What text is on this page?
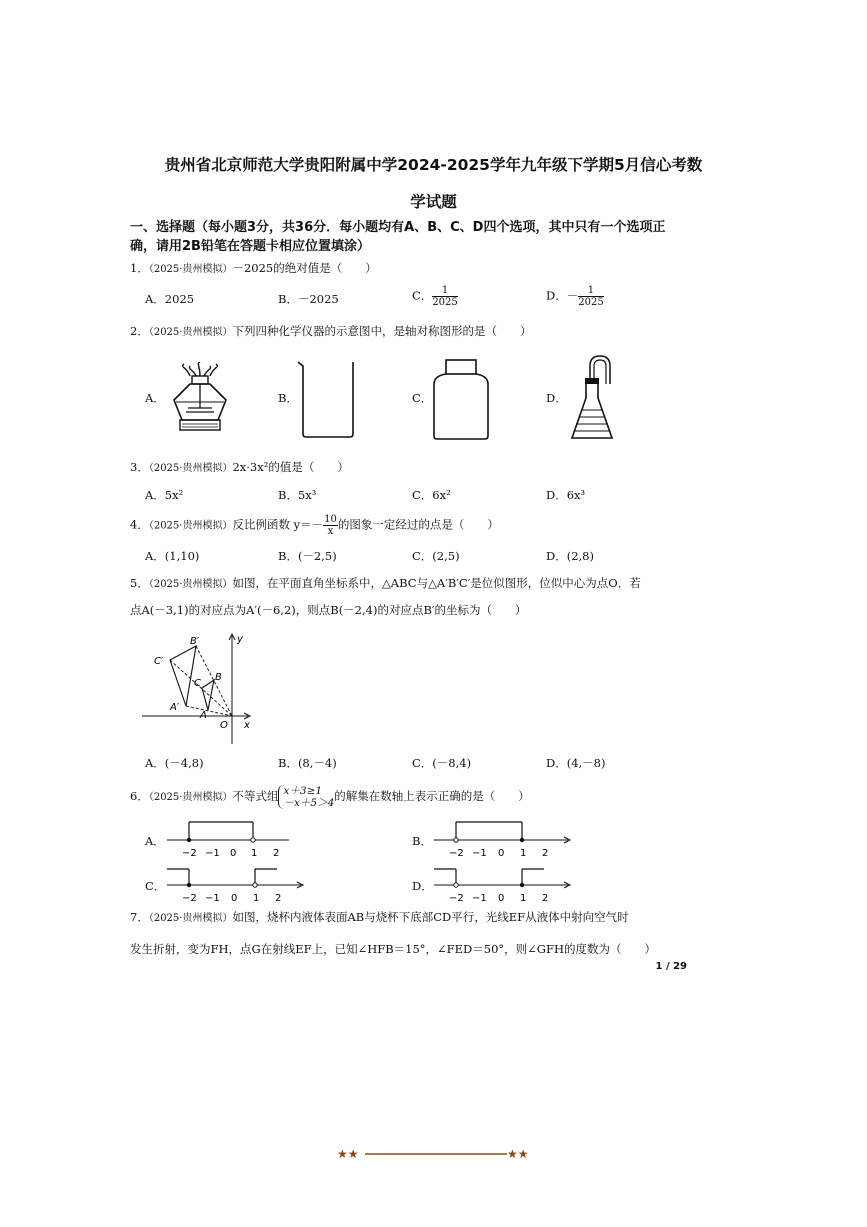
贵州省北京师范大学贵阳附属中学2024-2025学年九年级下学期5月信心考数
学试题
一、选择题（每小题3分，共36分．每小题均有A、B、C、D四个选项，其中只有一个选项正确，请用2B铅笔在答题卡相应位置填涂）
1．（2025·贵州模拟）－2025的绝对值是（　　）
A．2025	B．－2025	C． $\frac{1}{2025}$	D．－ $\frac{1}{2025}$
2．（2025·贵州模拟）下列四种化学仪器的示意图中，是轴对称图形的是（　　）
A．	B．	C．	D．
3．（2025·贵州模拟）2x·3x²的值是（　　）
A．5x²	B．5x³	C．6x²	D．6x³
4．（2025·贵州模拟）反比例函数 $y=- \frac{10}{x}$ 的图象一定经过的点是（　　）
A．(1,10)	B．(－2,5)	C．(2,5)	D．(2,8)
5．（2025·贵州模拟）如图，在平面直角坐标系中，△ABC与△A′B′C′是位似图形，位似中心为点O．若
点A(－3,1)的对应点为A′(－6,2)，则点B(－2,4)的对应点B′的坐标为（　　）
B′
C′
B
C
A′
A
O x
y
A．(－4,8)	B．(8,－4)	C．(－8,4)	D．(4,－8)
6．（2025·贵州模拟）不等式组 x＋3≥1
－x＋5＞4 的解集在数轴上表示正确的是（　　）
A．	B．
C．	D．
−2 −1 0 1 2	−2 −1 0 1 2
−2 −1 0 1 2	−2 −1 0 1 2
7．（2025·贵州模拟）如图，烧杯内液体表面AB与烧杯下底部CD平行，光线EF从液体中射向空气时
发生折射，变为FH，点G在射线EF上，已知∠HFB＝15°，∠FED＝50°，则∠GFH的度数为（　　）
1 / 29
★★	★★
